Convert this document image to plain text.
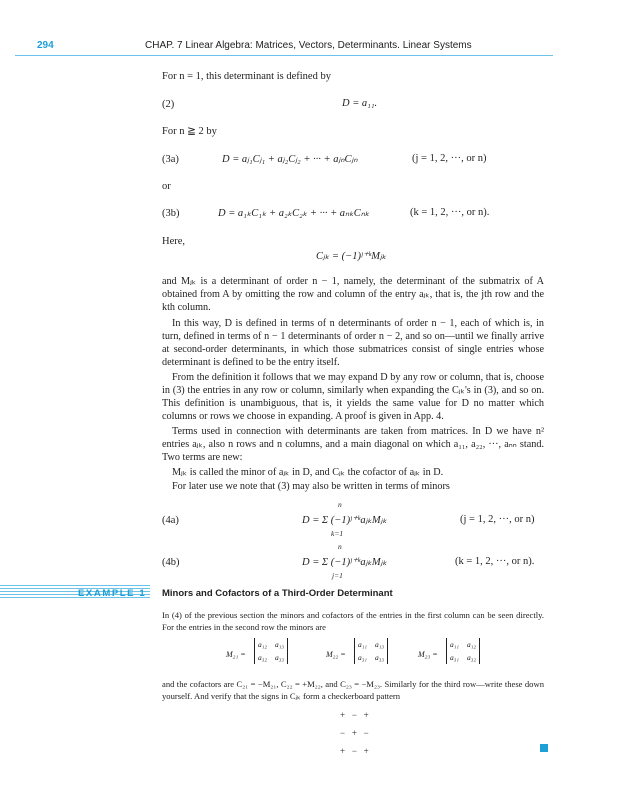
294	CHAP. 7 Linear Algebra: Matrices, Vectors, Determinants. Linear Systems
For n = 1, this determinant is defined by
(2)	D = a₁₁.
For n ≧ 2 by
(3a)	D = aⱼ₁Cⱼ₁ + aⱼ₂Cⱼ₂ + ··· + aⱼₙCⱼₙ	(j = 1, 2, ···, or n)
or
(3b)	D = a₁ₖC₁ₖ + a₂ₖC₂ₖ + ··· + aₙₖCₙₖ	(k = 1, 2, ···, or n).
Here,
Cⱼₖ = (−1)ʲ⁺ᵏMⱼₖ
and Mⱼₖ is a determinant of order n − 1, namely, the determinant of the submatrix of A obtained from A by omitting the row and column of the entry aⱼₖ, that is, the jth row and the kth column.
In this way, D is defined in terms of n determinants of order n − 1, each of which is, in turn, defined in terms of n − 1 determinants of order n − 2, and so on—until we finally arrive at second-order determinants, in which those submatrices consist of single entries whose determinant is defined to be the entry itself.
From the definition it follows that we may expand D by any row or column, that is, choose in (3) the entries in any row or column, similarly when expanding the Cⱼₖ's in (3), and so on. This definition is unambiguous, that is, it yields the same value for D no matter which columns or rows we choose in expanding. A proof is given in App. 4.
Terms used in connection with determinants are taken from matrices. In D we have n² entries aⱼₖ, also n rows and n columns, and a main diagonal on which a₁₁, a₂₂, ···, aₙₙ stand. Two terms are new:
Mⱼₖ is called the minor of aⱼₖ in D, and Cⱼₖ the cofactor of aⱼₖ in D.
For later use we note that (3) may also be written in terms of minors
(4a)
n
D = Σ (−1)ʲ⁺ᵏaⱼₖMⱼₖ
k=1
(j = 1, 2, ···, or n)
(4b)
n
D = Σ (−1)ʲ⁺ᵏaⱼₖMⱼₖ
j=1
(k = 1, 2, ···, or n).
EXAMPLE 1 Minors and Cofactors of a Third-Order Determinant
In (4) of the previous section the minors and cofactors of the entries in the first column can be seen directly. For the entries in the second row the minors are
M₂₁ =
a₁₂ a₁₃
a₃₂ a₃₃	M₂₂ =
a₁₁ a₁₃
a₃₁ a₃₃	M₂₃ =
a₁₁ a₁₂
a₃₁ a₃₂
and the cofactors are C₂₁ = −M₂₁, C₂₂ = +M₂₂, and C₂₃ = −M₂₃. Similarly for the third row—write these down yourself. And verify that the signs in Cⱼₖ form a checkerboard pattern
+   −   +
−   +   −
+   −   +
